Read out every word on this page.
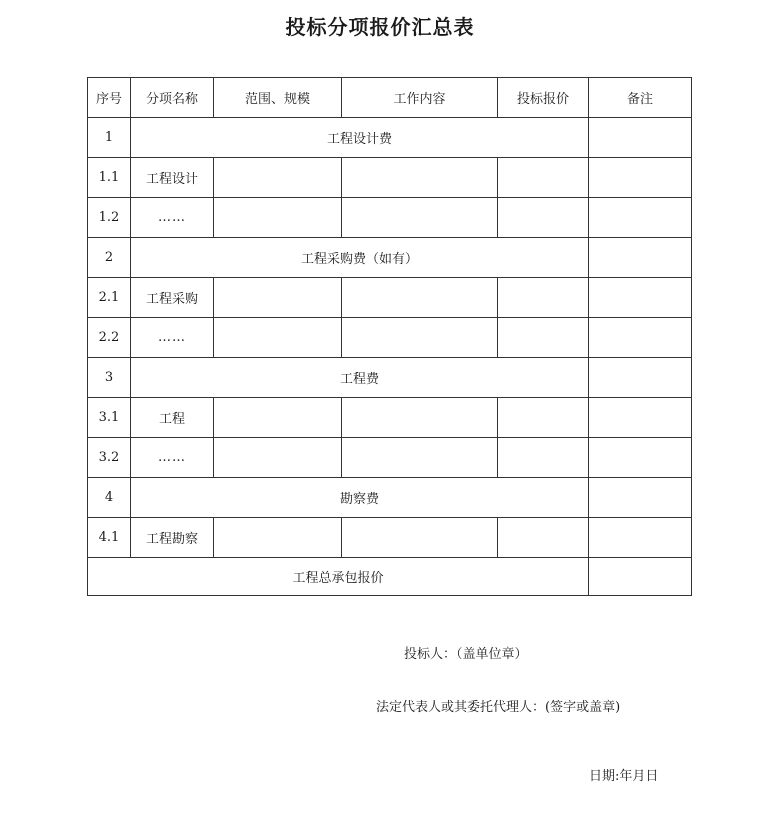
投标分项报价汇总表
序号	分项名称	范围、规模	工作内容	投标报价	备注
1	工程设计费				
1.1	工程设计				
1.2	……				
2	工程采购费（如有）				
2.1	工程采购				
2.2	……				
3	工程费				
3.1	工程				
3.2	……				
4	勘察费				
4.1	工程勘察				
工程总承包报价					
投标人：（盖单位章）
法定代表人或其委托代理人：(签字或盖章)
日期:年月日
